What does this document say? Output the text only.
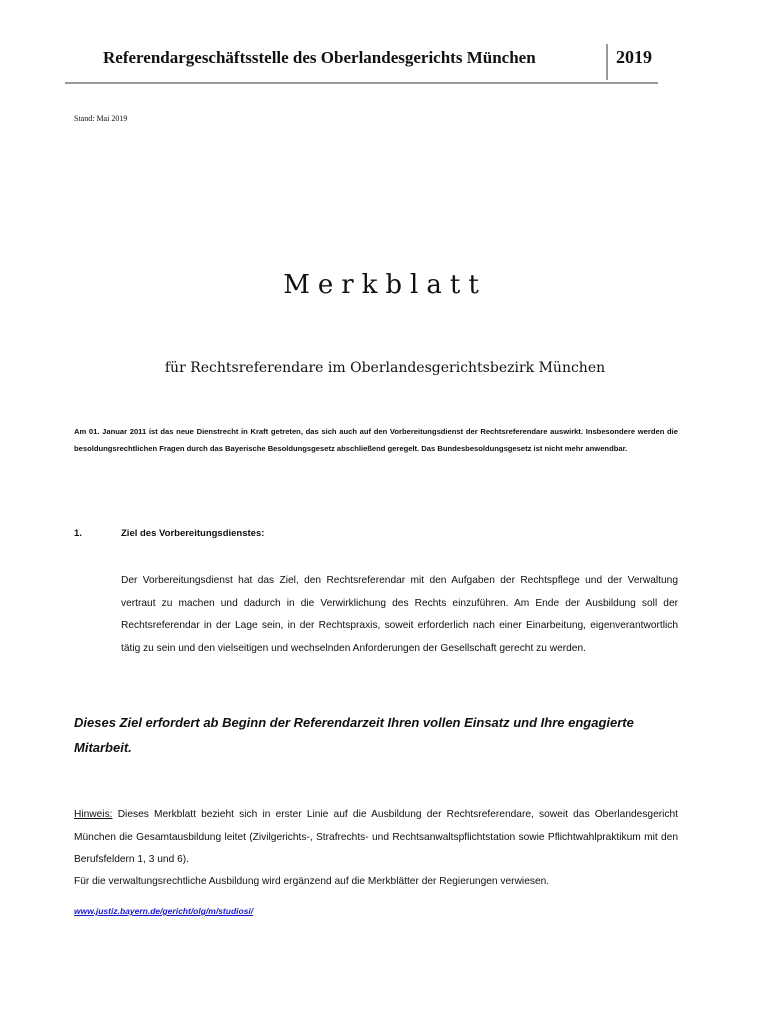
Referendargeschäftsstelle des Oberlandesgerichts München	2019
Stand: Mai 2019
Merkblatt
für Rechtsreferendare im Oberlandesgerichtsbezirk München
Am 01. Januar 2011 ist das neue Dienstrecht in Kraft getreten, das sich auch auf den Vorbereitungsdienst der Rechtsreferendare auswirkt. Insbesondere werden die besoldungsrechtlichen Fragen durch das Bayerische Besoldungsgesetz abschließend geregelt. Das Bundesbesoldungsgesetz ist nicht mehr anwendbar.
1.	Ziel des Vorbereitungsdienstes:
Der Vorbereitungsdienst hat das Ziel, den Rechtsreferendar mit den Aufgaben der Rechtspflege und der Verwaltung vertraut zu machen und dadurch in die Verwirklichung des Rechts einzuführen. Am Ende der Ausbildung soll der Rechtsreferendar in der Lage sein, in der Rechtspraxis, soweit erforderlich nach einer Einarbeitung, eigenverantwortlich tätig zu sein und den vielseitigen und wechselnden Anforderungen der Gesellschaft gerecht zu werden.
Dieses Ziel erfordert ab Beginn der Referendarzeit Ihren vollen Einsatz und Ihre engagierte Mitarbeit.
Hinweis: Dieses Merkblatt bezieht sich in erster Linie auf die Ausbildung der Rechtsreferendare, soweit das Oberlandesgericht München die Gesamtausbildung leitet (Zivilgerichts-, Strafrechts- und Rechtsanwaltspflichtstation sowie Pflichtwahlpraktikum mit den Berufsfeldern 1, 3 und 6).
Für die verwaltungsrechtliche Ausbildung wird ergänzend auf die Merkblätter der Regierungen verwiesen.
www.justiz.bayern.de/gericht/olg/m/studiosi/
